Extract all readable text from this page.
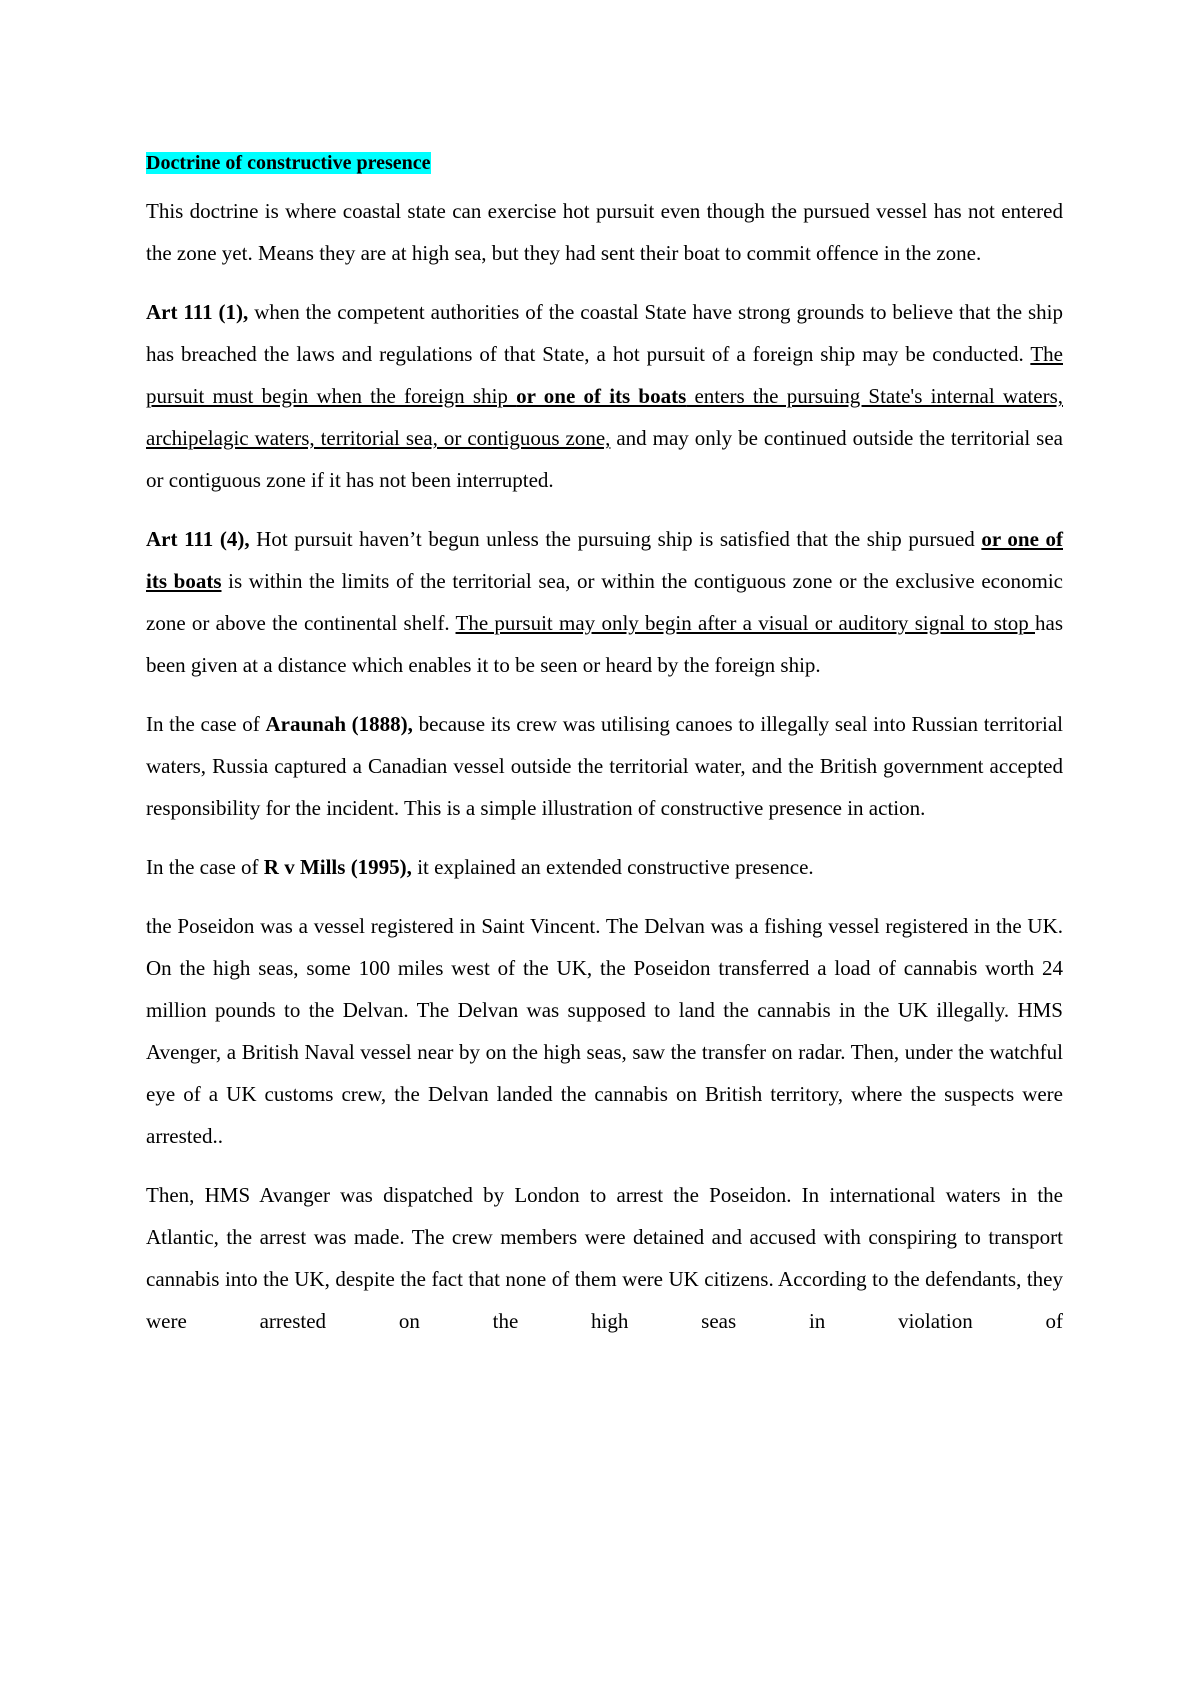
Doctrine of constructive presence

This doctrine is where coastal state can exercise hot pursuit even though the pursued vessel has not entered the zone yet. Means they are at high sea, but they had sent their boat to commit offence in the zone.

Art 111 (1), when the competent authorities of the coastal State have strong grounds to believe that the ship has breached the laws and regulations of that State, a hot pursuit of a foreign ship may be conducted. The pursuit must begin when the foreign ship or one of its boats enters the pursuing State's internal waters, archipelagic waters, territorial sea, or contiguous zone, and may only be continued outside the territorial sea or contiguous zone if it has not been interrupted.

Art 111 (4), Hot pursuit haven’t begun unless the pursuing ship is satisfied that the ship pursued or one of its boats is within the limits of the territorial sea, or within the contiguous zone or the exclusive economic zone or above the continental shelf. The pursuit may only begin after a visual or auditory signal to stop has been given at a distance which enables it to be seen or heard by the foreign ship.

In the case of Araunah (1888), because its crew was utilising canoes to illegally seal into Russian territorial waters, Russia captured a Canadian vessel outside the territorial water, and the British government accepted responsibility for the incident. This is a simple illustration of constructive presence in action.

In the case of R v Mills (1995), it explained an extended constructive presence.

the Poseidon was a vessel registered in Saint Vincent. The Delvan was a fishing vessel registered in the UK. On the high seas, some 100 miles west of the UK, the Poseidon transferred a load of cannabis worth 24 million pounds to the Delvan. The Delvan was supposed to land the cannabis in the UK illegally. HMS Avenger, a British Naval vessel near by on the high seas, saw the transfer on radar. Then, under the watchful eye of a UK customs crew, the Delvan landed the cannabis on British territory, where the suspects were arrested..

Then, HMS Avanger was dispatched by London to arrest the Poseidon. In international waters in the Atlantic, the arrest was made. The crew members were detained and accused with conspiring to transport cannabis into the UK, despite the fact that none of them were UK citizens. According to the defendants, they were arrested on the high seas in violation of
